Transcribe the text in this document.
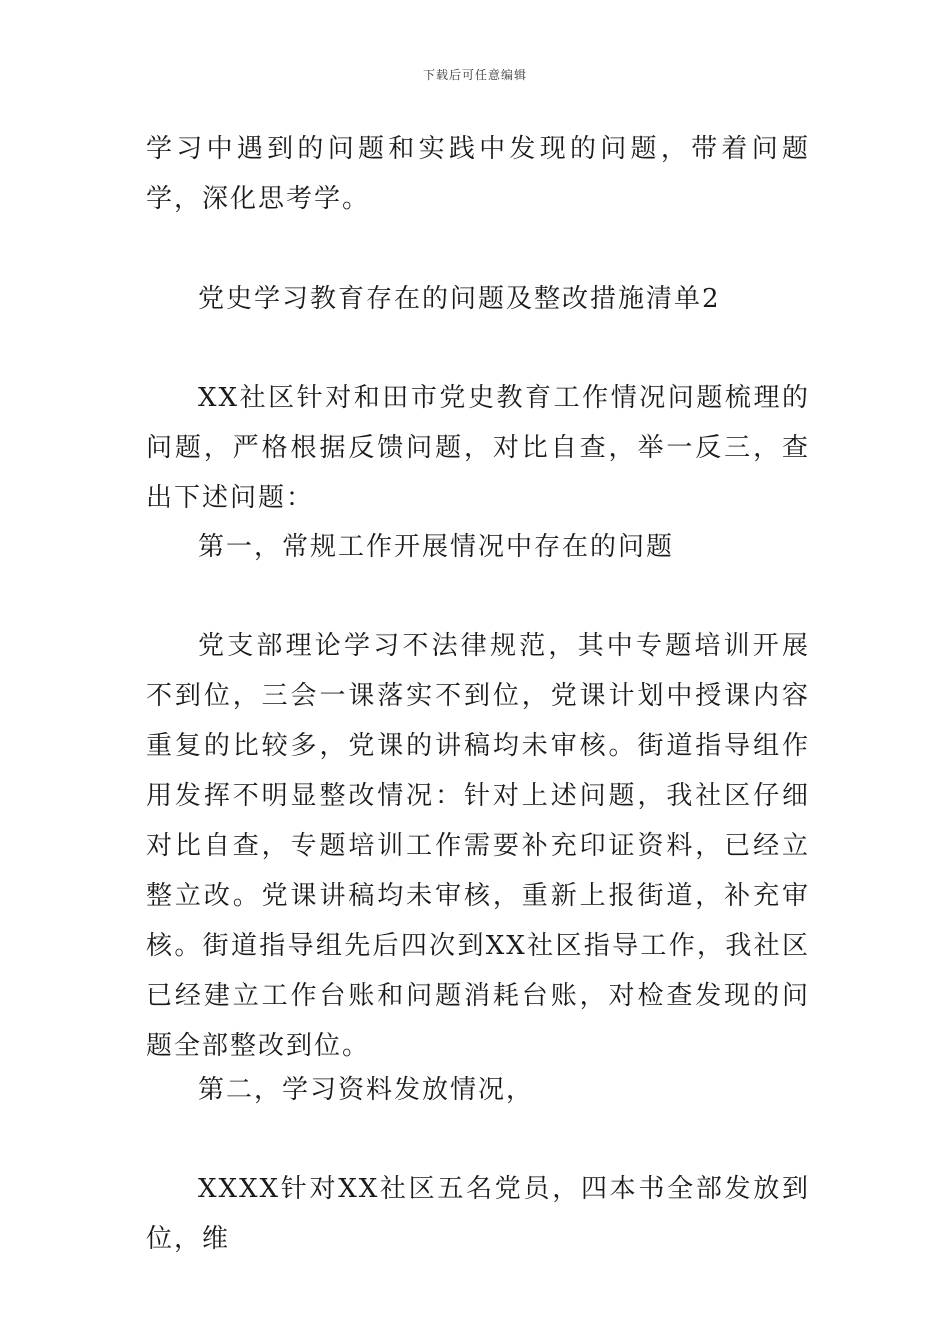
下载后可任意编辑

学习中遇到的问题和实践中发现的问题，带着问题学，深化思考学。

党史学习教育存在的问题及整改措施清单2

XX社区针对和田市党史教育工作情况问题梳理的问题，严格根据反馈问题，对比自查，举一反三，查出下述问题：

第一，常规工作开展情况中存在的问题

党支部理论学习不法律规范，其中专题培训开展不到位，三会一课落实不到位，党课计划中授课内容重复的比较多，党课的讲稿均未审核。街道指导组作用发挥不明显整改情况：针对上述问题，我社区仔细对比自查，专题培训工作需要补充印证资料，已经立整立改。党课讲稿均未审核，重新上报街道，补充审核。街道指导组先后四次到XX社区指导工作，我社区已经建立工作台账和问题消耗台账，对检查发现的问题全部整改到位。

第二，学习资料发放情况，

XXXX针对XX社区五名党员，四本书全部发放到位，维
